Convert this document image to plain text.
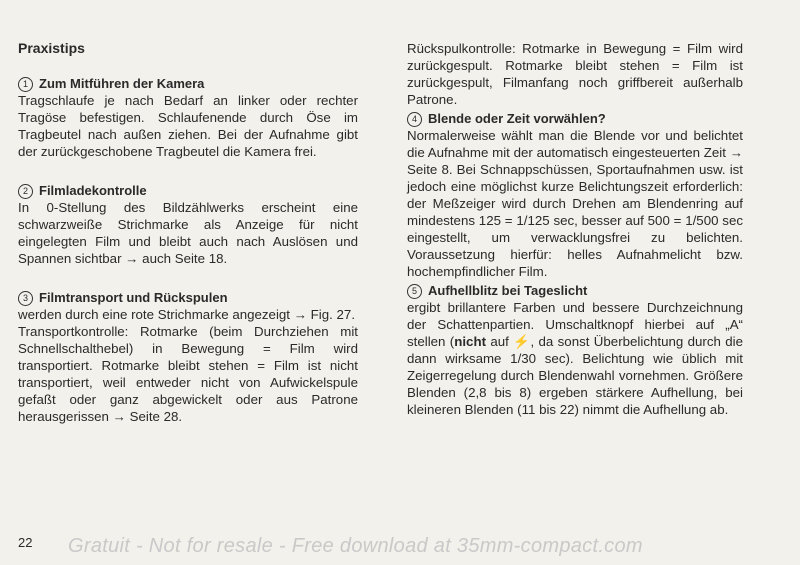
Praxistips
1 Zum Mitführen der Kamera

Tragschlaufe je nach Bedarf an linker oder rechter Tragöse befestigen. Schlaufenende durch Öse im Tragbeutel nach außen ziehen. Bei der Aufnahme gibt der zurückgeschobene Tragbeutel die Kamera frei.

2 Filmladekontrolle

In 0-Stellung des Bildzählwerks erscheint eine schwarzweiße Strichmarke als Anzeige für nicht eingelegten Film und bleibt auch nach Auslösen und Spannen sichtbar → auch Seite 18.

3 Filmtransport und Rückspulen

werden durch eine rote Strichmarke angezeigt → Fig. 27.

Transportkontrolle: Rotmarke (beim Durchziehen mit Schnellschalthebel) in Bewegung = Film wird transportiert. Rotmarke bleibt stehen = Film ist nicht transportiert, weil entweder nicht von Aufwickelspule gefaßt oder ganz abgewickelt oder aus Patrone herausgerissen → Seite 28.

Rückspulkontrolle: Rotmarke in Bewegung = Film wird zurückgespult. Rotmarke bleibt stehen = Film ist zurückgespult, Filmanfang noch griffbereit außerhalb Patrone.

4 Blende oder Zeit vorwählen?

Normalerweise wählt man die Blende vor und belichtet die Aufnahme mit der automatisch eingesteuerten Zeit → Seite 8. Bei Schnappschüssen, Sportaufnahmen usw. ist jedoch eine möglichst kurze Belichtungszeit erforderlich: der Meßzeiger wird durch Drehen am Blendenring auf mindestens 125 = 1/125 sec, besser auf 500 = 1/500 sec eingestellt, um verwacklungsfrei zu belichten. Voraussetzung hierfür: helles Aufnahmelicht bzw. hochempfindlicher Film.

5 Aufhellblitz bei Tageslicht

ergibt brillantere Farben und bessere Durchzeichnung der Schattenpartien. Umschaltknopf hierbei auf „A“ stellen (nicht auf ⚡, da sonst Überbelichtung durch die dann wirksame 1/30 sec). Belichtung wie üblich mit Zeigerregelung durch Blendenwahl vornehmen. Größere Blenden (2,8 bis 8) ergeben stärkere Aufhellung, bei kleineren Blenden (11 bis 22) nimmt die Aufhellung ab.

22 Gratuit - Not for resale - Free download at 35mm-compact.com
